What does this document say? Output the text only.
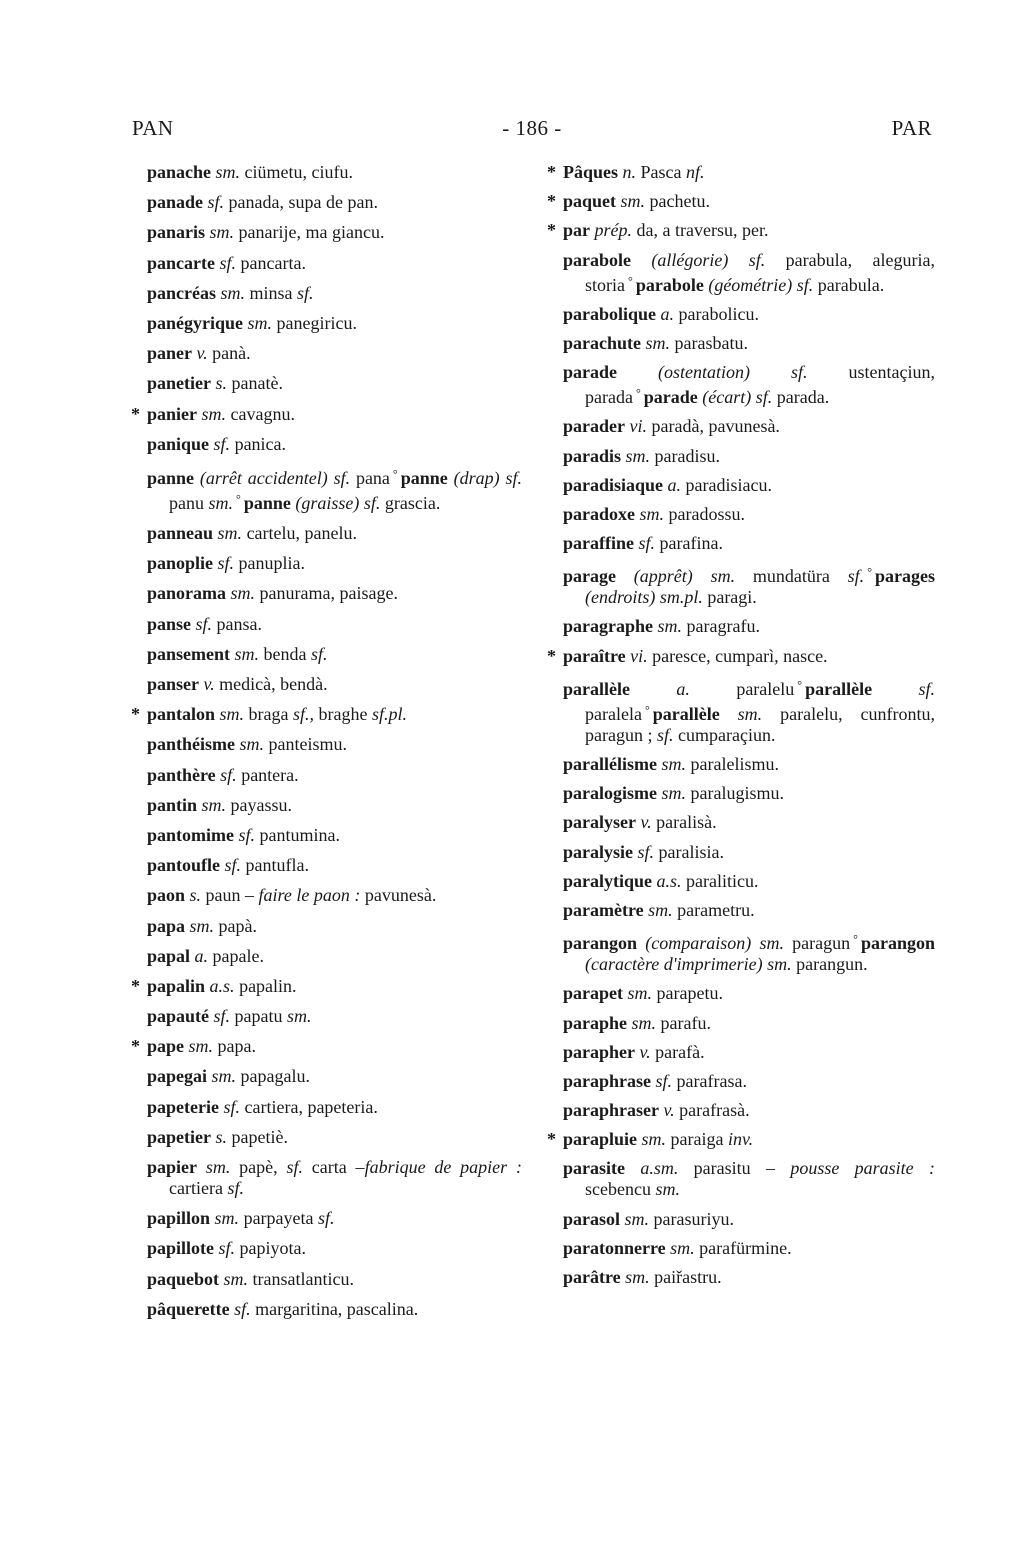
PAN	- 186 -	PAR
panache sm. ciümetu, ciufu.
panade sf. panada, supa de pan.
panaris sm. panarije, ma giancu.
pancarte sf. pancarta.
pancréas sm. minsa sf.
panégyrique sm. panegiricu.
paner v. panà.
panetier s. panatè.
* panier sm. cavagnu.
panique sf. panica.
panne (arrêt accidentel) sf. pana ° panne (drap) sf. panu sm. ° panne (graisse) sf. grascia.
panneau sm. cartelu, panelu.
panoplie sf. panuplia.
panorama sm. panurama, paisage.
panse sf. pansa.
pansement sm. benda sf.
panser v. medicà, bendà.
* pantalon sm. braga sf., braghe sf.pl.
panthéisme sm. panteismu.
panthère sf. pantera.
pantin sm. payassu.
pantomime sf. pantumina.
pantoufle sf. pantufla.
paon s. paun – faire le paon : pavunesà.
papa sm. papà.
papal a. papale.
* papalin a.s. papalin.
papauté sf. papatu sm.
* pape sm. papa.
papegai sm. papagalu.
papeterie sf. cartiera, papeteria.
papetier s. papetiè.
papier sm. papè, sf. carta –fabrique de papier : cartiera sf.
papillon sm. parpayeta sf.
papillote sf. papiyota.
paquebot sm. transatlanticu.
pâquerette sf. margaritina, pascalina.
* Pâques n. Pasca nf.
* paquet sm. pachetu.
* par prép. da, a traversu, per.
parabole (allégorie) sf. parabula, aleguria, storia ° parabole (géométrie) sf. parabula.
parabolique a. parabolicu.
parachute sm. parasbatu.
parade (ostentation) sf. ustentaçiun, parada ° parade (écart) sf. parada.
parader vi. paradà, pavunesà.
paradis sm. paradisu.
paradisiaque a. paradisiacu.
paradoxe sm. paradossu.
paraffine sf. parafina.
parage (apprêt) sm. mundatüra sf. ° parages (endroits) sm.pl. paragi.
paragraphe sm. paragrafu.
* paraître vi. paresce, cumparì, nasce.
parallèle a. paralelu ° parallèle sf. paralela ° parallèle sm. paralelu, cunfrontu, paragun ; sf. cumparaçiun.
parallélisme sm. paralelismu.
paralogisme sm. paralugismu.
paralyser v. paralisà.
paralysie sf. paralisia.
paralytique a.s. paraliticu.
paramètre sm. parametru.
parangon (comparaison) sm. paragun ° parangon (caractère d'imprimerie) sm. parangun.
parapet sm. parapetu.
paraphe sm. parafu.
parapher v. parafà.
paraphrase sf. parafrasa.
paraphraser v. parafrasà.
* parapluie sm. paraiga inv.
parasite a.sm. parasitu – pousse parasite : scebencu sm.
parasol sm. parasuriyu.
paratonnerre sm. parafürmine.
parâtre sm. paiřastru.
